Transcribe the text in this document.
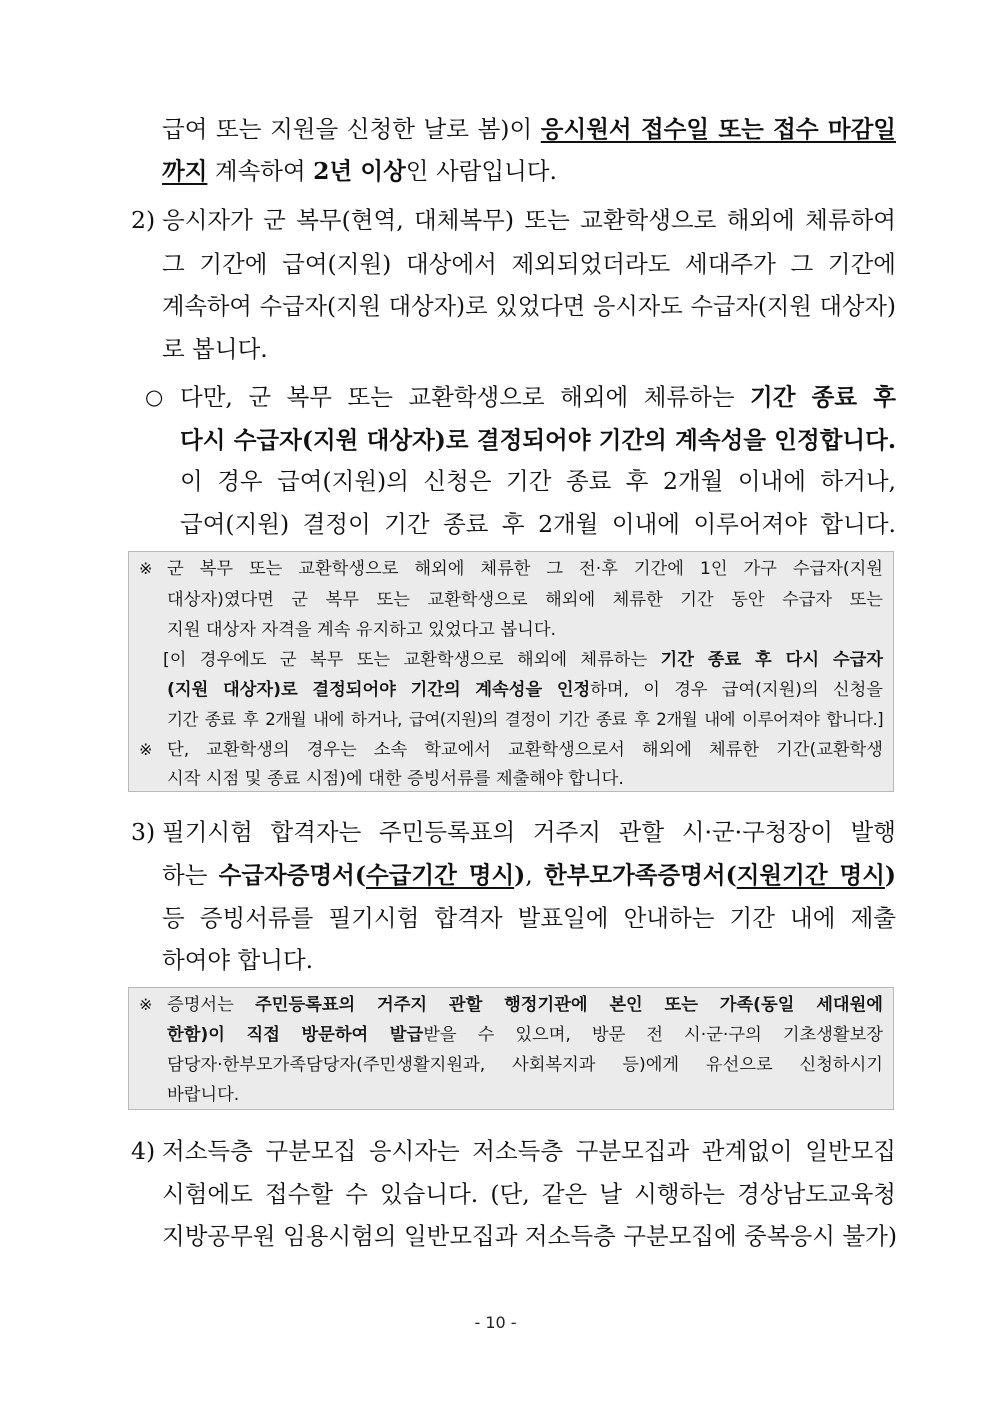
급여 또는 지원을 신청한 날로 봄)이 응시원서 접수일 또는 접수 마감일
까지 계속하여 2년 이상인 사람입니다.
2) 응시자가 군 복무(현역, 대체복무) 또는 교환학생으로 해외에 체류하여
그 기간에 급여(지원) 대상에서 제외되었더라도 세대주가 그 기간에
계속하여 수급자(지원 대상자)로 있었다면 응시자도 수급자(지원 대상자)
로 봅니다.
○ 다만, 군 복무 또는 교환학생으로 해외에 체류하는 기간 종료 후
다시 수급자(지원 대상자)로 결정되어야 기간의 계속성을 인정합니다.
이 경우 급여(지원)의 신청은 기간 종료 후 2개월 이내에 하거나,
급여(지원) 결정이 기간 종료 후 2개월 이내에 이루어져야 합니다.
※ 군 복무 또는 교환학생으로 해외에 체류한 그 전·후 기간에 1인 가구 수급자(지원
대상자)였다면 군 복무 또는 교환학생으로 해외에 체류한 기간 동안 수급자 또는
지원 대상자 자격을 계속 유지하고 있었다고 봅니다.
[이 경우에도 군 복무 또는 교환학생으로 해외에 체류하는 기간 종료 후 다시 수급자
(지원 대상자)로 결정되어야 기간의 계속성을 인정하며, 이 경우 급여(지원)의 신청을
기간 종료 후 2개월 내에 하거나, 급여(지원)의 결정이 기간 종료 후 2개월 내에 이루어져야 합니다.]
※ 단, 교환학생의 경우는 소속 학교에서 교환학생으로서 해외에 체류한 기간(교환학생
시작 시점 및 종료 시점)에 대한 증빙서류를 제출해야 합니다.
3) 필기시험 합격자는 주민등록표의 거주지 관할 시·군·구청장이 발행
하는 수급자증명서(수급기간 명시), 한부모가족증명서(지원기간 명시)
등 증빙서류를 필기시험 합격자 발표일에 안내하는 기간 내에 제출
하여야 합니다.
※ 증명서는 주민등록표의 거주지 관할 행정기관에 본인 또는 가족(동일 세대원에
한함)이 직접 방문하여 발급받을 수 있으며, 방문 전 시·군·구의 기초생활보장
담당자·한부모가족담당자(주민생활지원과, 사회복지과 등)에게 유선으로 신청하시기
바랍니다.
4) 저소득층 구분모집 응시자는 저소득층 구분모집과 관계없이 일반모집
시험에도 접수할 수 있습니다. (단, 같은 날 시행하는 경상남도교육청
지방공무원 임용시험의 일반모집과 저소득층 구분모집에 중복응시 불가)
- 10 -
